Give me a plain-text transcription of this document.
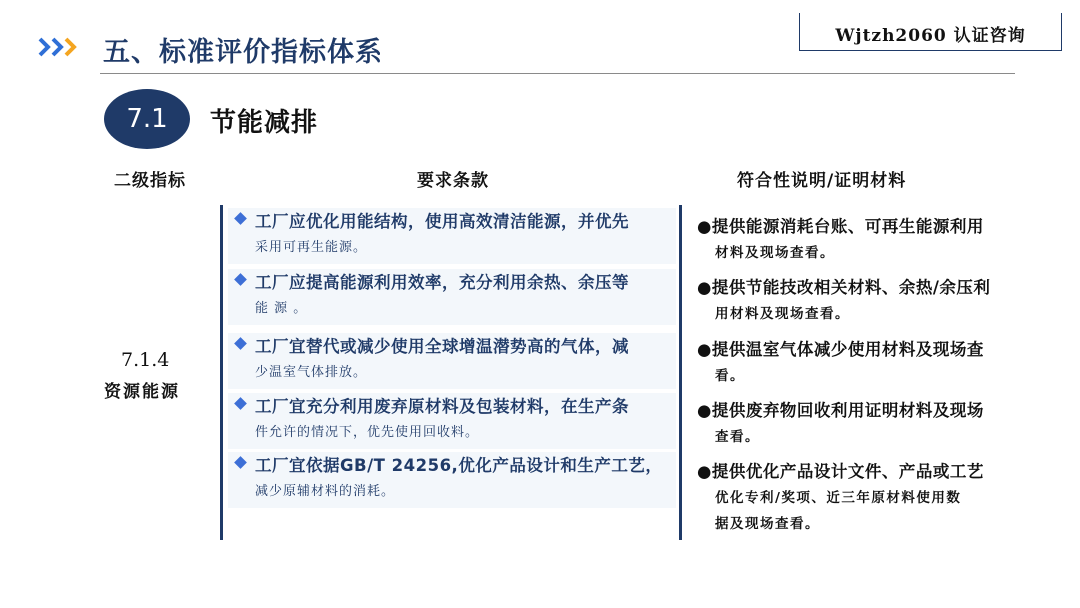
五、标准评价指标体系
Wjtzh2060 认证咨询
7.1 节能减排
二级指标	要求条款	符合性说明/证明材料
7.1.4
资源能源
工厂应优化用能结构，使用高效清洁能源，并优先
采用可再生能源。
工厂应提高能源利用效率，充分利用余热、余压等
能 源 。
工厂宜替代或减少使用全球增温潜势高的气体，减
少温室气体排放。
工厂宜充分利用废弃原材料及包装材料，在生产条
件允许的情况下，优先使用回收料。
工厂宜依据GB/T 24256,优化产品设计和生产工艺，
减少原辅材料的消耗。
●提供能源消耗台账、可再生能源利用
材料及现场查看。
●提供节能技改相关材料、余热/余压利
用材料及现场查看。
●提供温室气体减少使用材料及现场查
看。
●提供废弃物回收利用证明材料及现场
查看。
●提供优化产品设计文件、产品或工艺
优化专利/奖项、近三年原材料使用数
据及现场查看。
